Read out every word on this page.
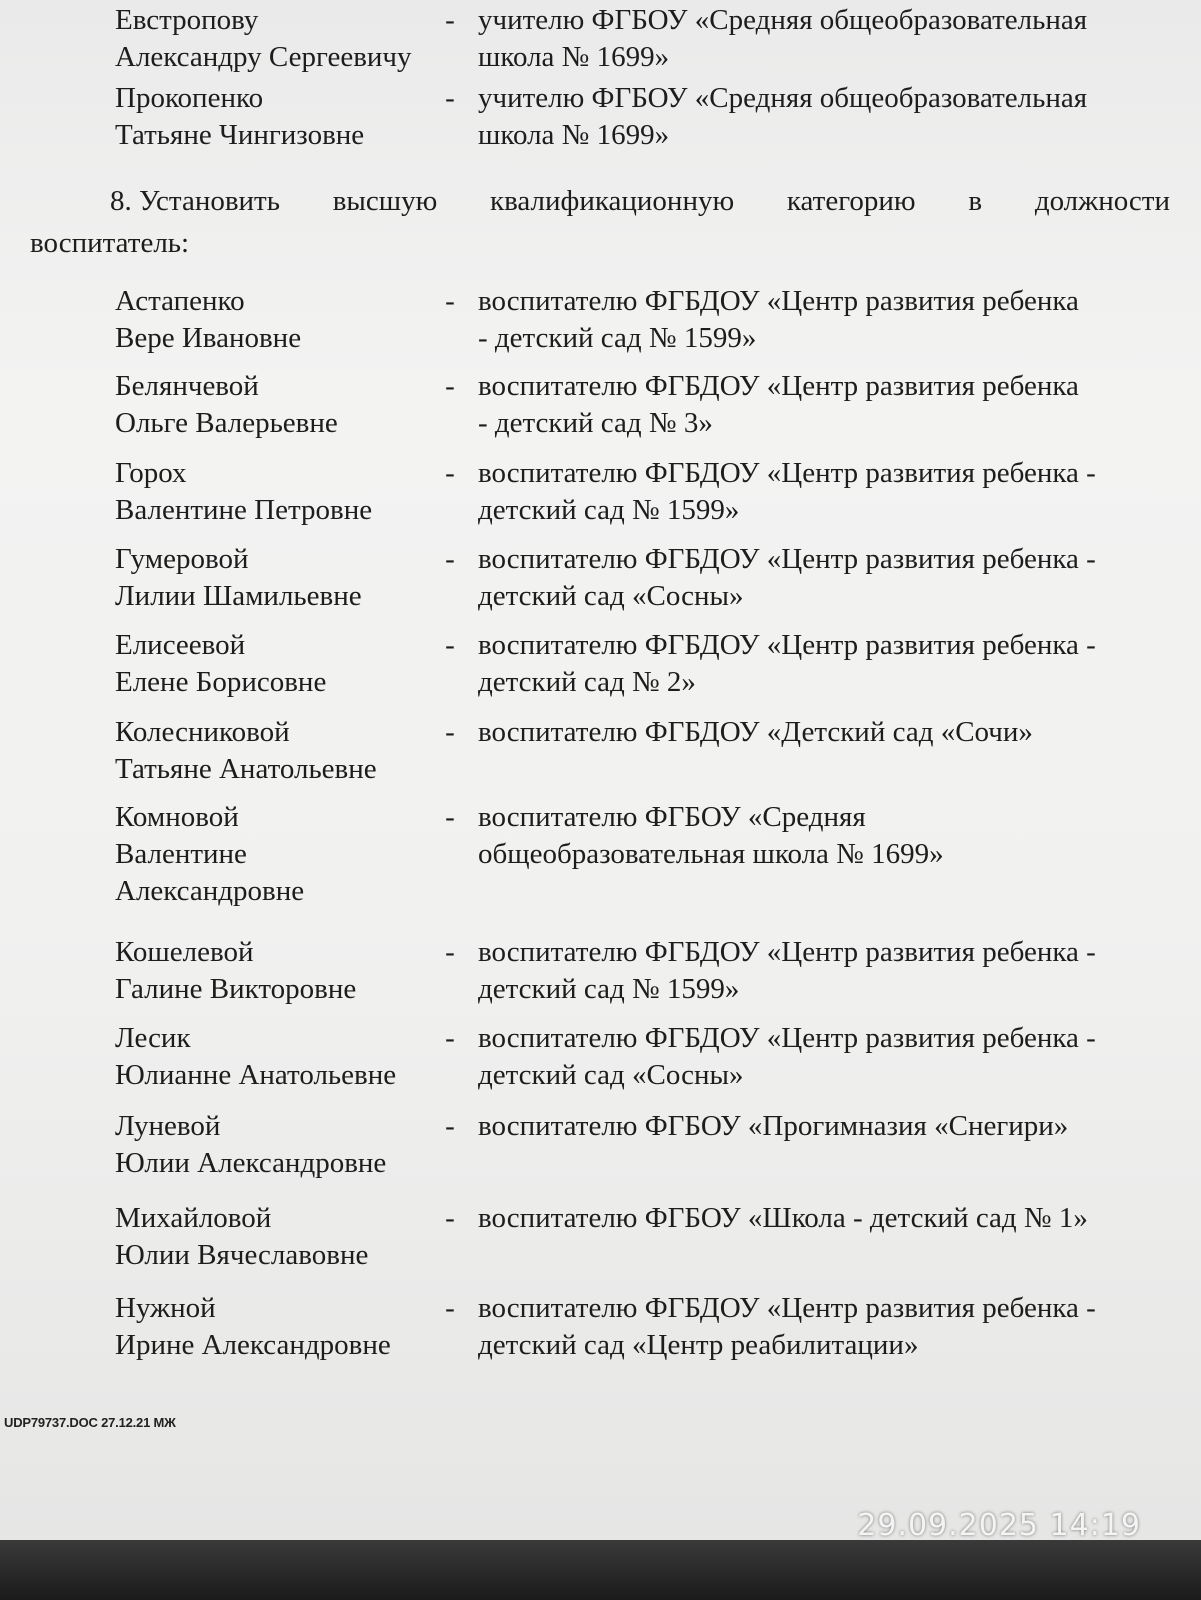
Евстропову
Александру Сергеевичу
- учителю ФГБОУ «Средняя общеобразовательная
школа № 1699»
Прокопенко
Татьяне Чингизовне
- учителю ФГБОУ «Средняя общеобразовательная
школа № 1699»
8. Установить высшую квалификационную категорию в должности
воспитатель:
Астапенко
Вере Ивановне
- воспитателю ФГБДОУ «Центр развития ребенка
- детский сад № 1599»
Белянчевой
Ольге Валерьевне
- воспитателю ФГБДОУ «Центр развития ребенка
- детский сад № 3»
Горох
Валентине Петровне
- воспитателю ФГБДОУ «Центр развития ребенка -
детский сад № 1599»
Гумеровой
Лилии Шамильевне
- воспитателю ФГБДОУ «Центр развития ребенка -
детский сад «Сосны»
Елисеевой
Елене Борисовне
- воспитателю ФГБДОУ «Центр развития ребенка -
детский сад № 2»
Колесниковой
Татьяне Анатольевне
- воспитателю ФГБДОУ «Детский сад «Сочи»
Комновой
Валентине
Александровне
- воспитателю ФГБОУ «Средняя
общеобразовательная школа № 1699»
Кошелевой
Галине Викторовне
- воспитателю ФГБДОУ «Центр развития ребенка -
детский сад № 1599»
Лесик
Юлианне Анатольевне
- воспитателю ФГБДОУ «Центр развития ребенка -
детский сад «Сосны»
Луневой
Юлии Александровне
- воспитателю ФГБОУ «Прогимназия «Снегири»
Михайловой
Юлии Вячеславовне
- воспитателю ФГБОУ «Школа - детский сад № 1»
Нужной
Ирине Александровне
- воспитателю ФГБДОУ «Центр развития ребенка -
детский сад «Центр реабилитации»
UDP79737.DOC 27.12.21 МЖ
29.09.2025 14:19
